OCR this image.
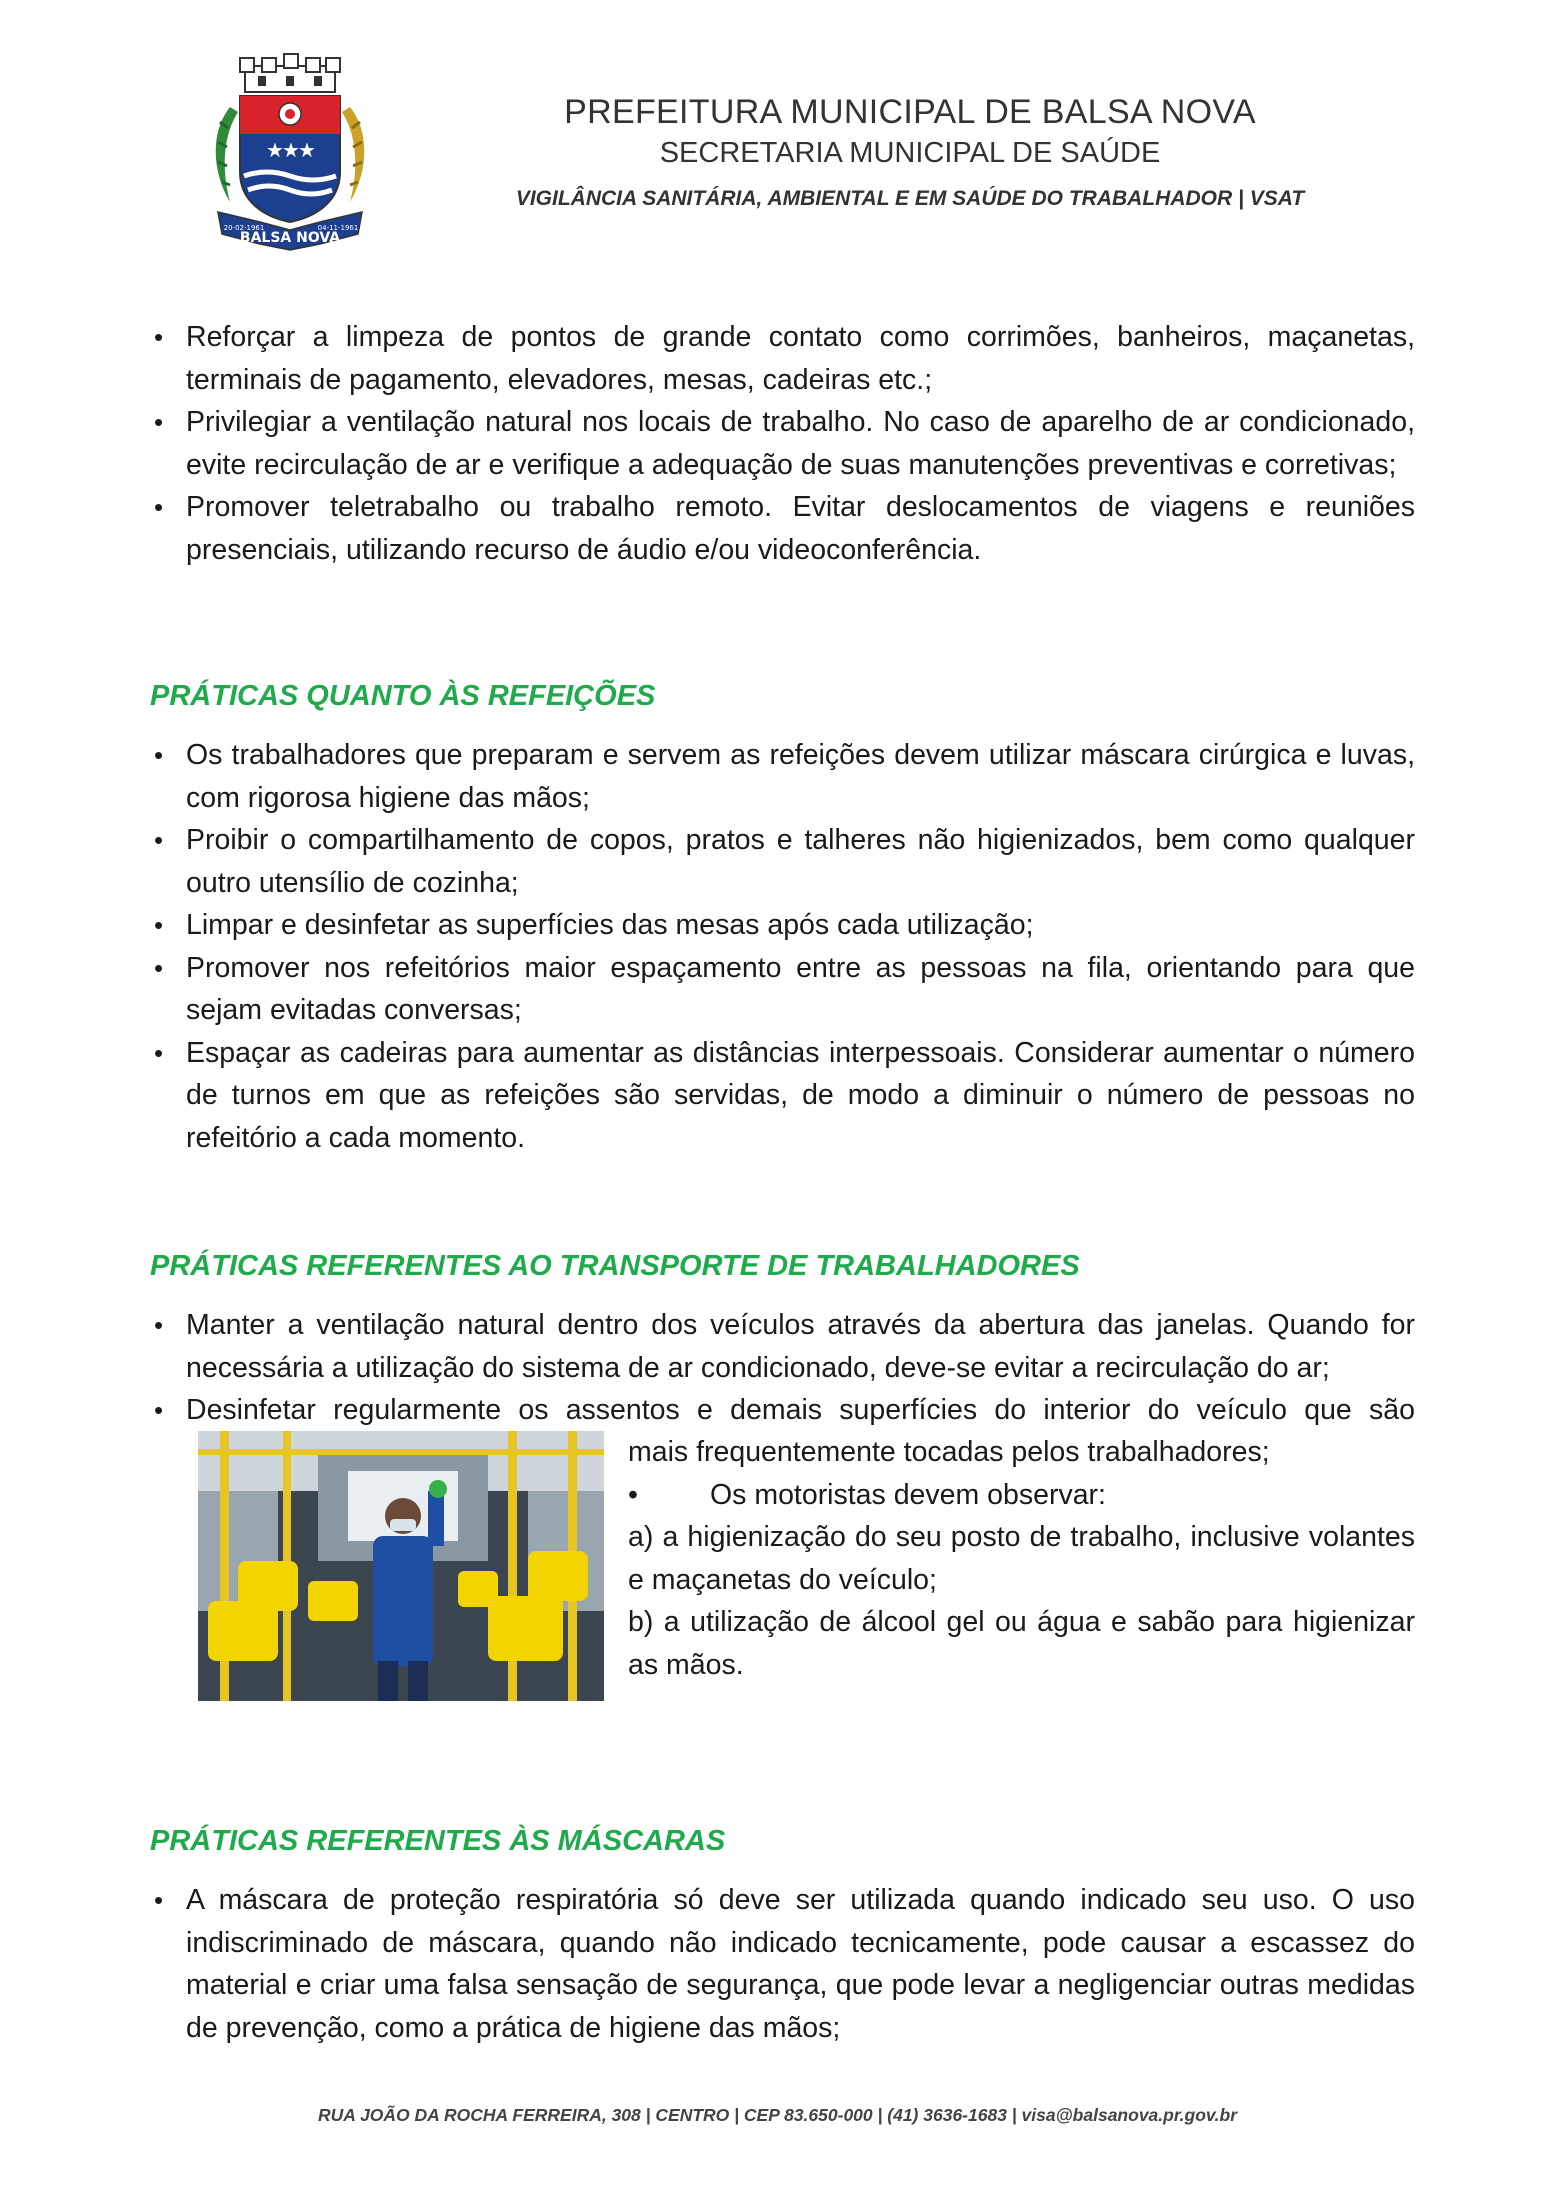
★
★
★
BALSA NOVA
20-02-1961	04-11-1961
PREFEITURA MUNICIPAL DE BALSA NOVA
SECRETARIA MUNICIPAL DE SAÚDE
VIGILÂNCIA SANITÁRIA, AMBIENTAL E EM SAÚDE DO TRABALHADOR | VSAT
• Reforçar a limpeza de pontos de grande contato como corrimões, banheiros, maçanetas, terminais de pagamento, elevadores, mesas, cadeiras etc.;
• Privilegiar a ventilação natural nos locais de trabalho. No caso de aparelho de ar condicionado, evite recirculação de ar e verifique a adequação de suas manutenções preventivas e corretivas;
• Promover teletrabalho ou trabalho remoto. Evitar deslocamentos de viagens e reuniões presenciais, utilizando recurso de áudio e/ou videoconferência.
PRÁTICAS QUANTO ÀS REFEIÇÕES
• Os trabalhadores que preparam e servem as refeições devem utilizar máscara cirúrgica e luvas, com rigorosa higiene das mãos;
• Proibir o compartilhamento de copos, pratos e talheres não higienizados, bem como qualquer outro utensílio de cozinha;
• Limpar e desinfetar as superfícies das mesas após cada utilização;
• Promover nos refeitórios maior espaçamento entre as pessoas na fila, orientando para que sejam evitadas conversas;
• Espaçar as cadeiras para aumentar as distâncias interpessoais. Considerar aumentar o número de turnos em que as refeições são servidas, de modo a diminuir o número de pessoas no refeitório a cada momento.
PRÁTICAS REFERENTES AO TRANSPORTE DE TRABALHADORES
• Manter a ventilação natural dentro dos veículos através da abertura das janelas. Quando for necessária a utilização do sistema de ar condicionado, deve-se evitar a recirculação do ar;
• Desinfetar regularmente os assentos e demais superfícies do interior do veículo que são
mais frequentemente tocadas pelos trabalhadores;
•	Os motoristas devem observar:
a) a higienização do seu posto de trabalho, inclusive volantes e maçanetas do veículo;
b) a utilização de álcool gel ou água e sabão para higienizar as mãos.
PRÁTICAS REFERENTES ÀS MÁSCARAS
• A máscara de proteção respiratória só deve ser utilizada quando indicado seu uso. O uso indiscriminado de máscara, quando não indicado tecnicamente, pode causar a escassez do material e criar uma falsa sensação de segurança, que pode levar a negligenciar outras medidas de prevenção, como a prática de higiene das mãos;
RUA JOÃO DA ROCHA FERREIRA, 308 | CENTRO | CEP 83.650-000 | (41) 3636-1683 | visa@balsanova.pr.gov.br
